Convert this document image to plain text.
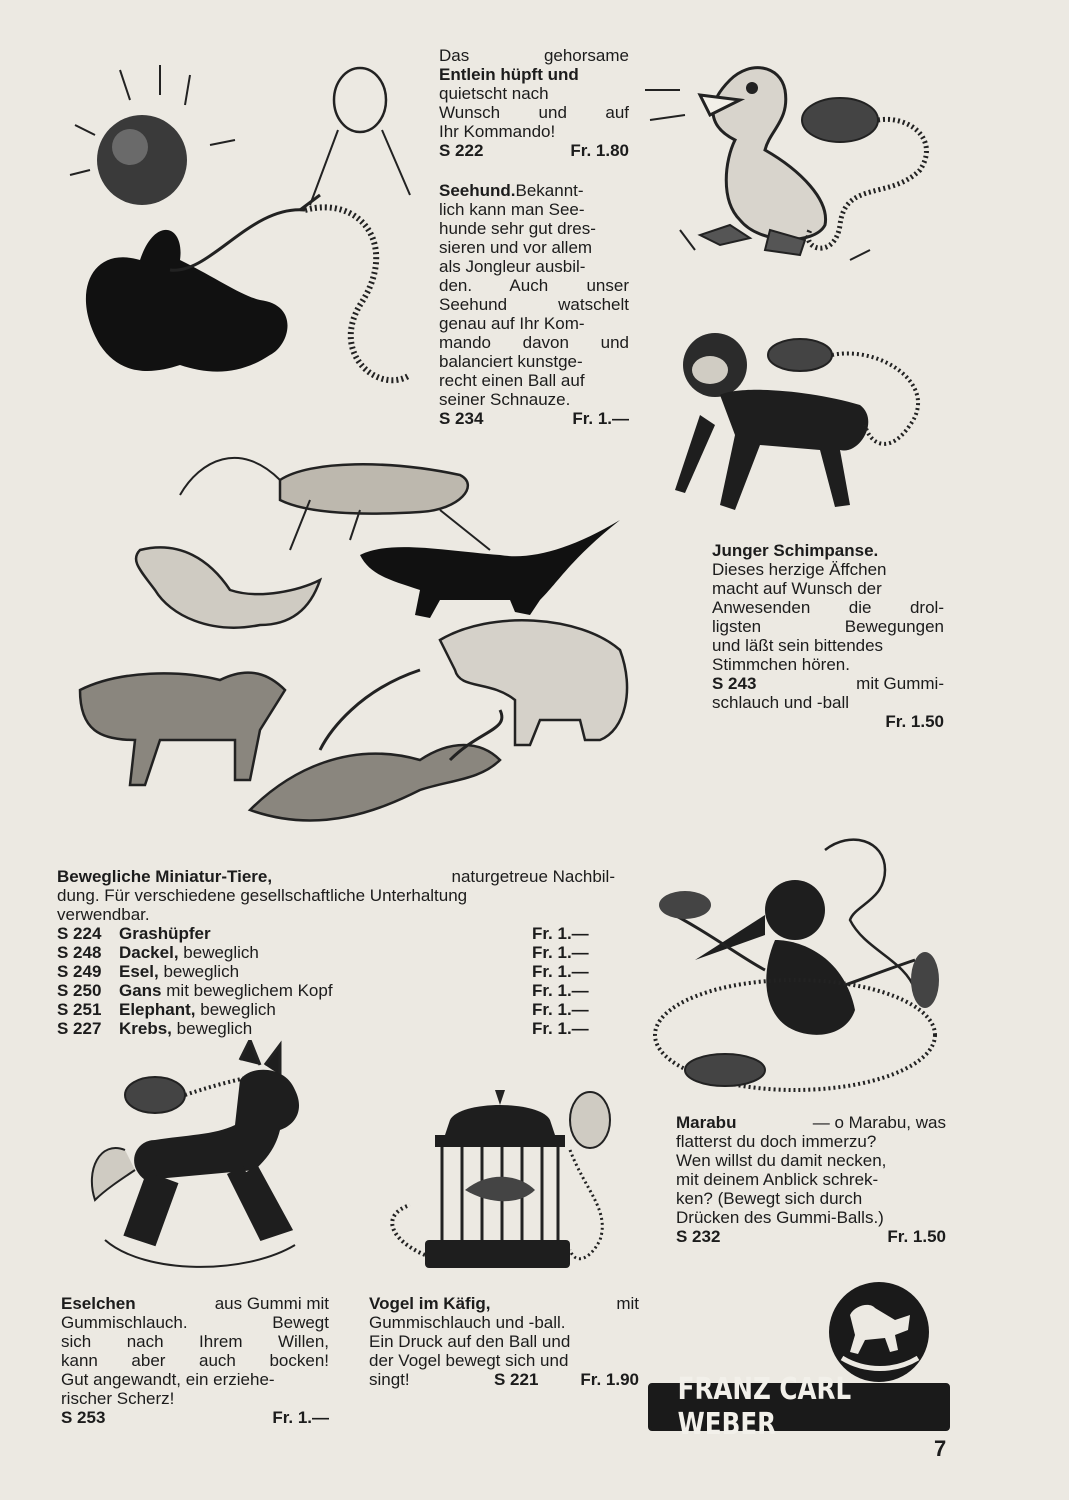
Das gehorsame

Entlein hüpft und

quietscht nach

Wunsch und auf

Ihr Kommando!

S 222	Fr. 1.80

Seehund.Bekannt-

lich kann man See-

hunde sehr gut dres-

sieren und vor allem

als Jongleur ausbil-

den. Auch unser

Seehund watschelt

genau auf Ihr Kom-

mando davon und

balanciert kunstge-

recht einen Ball auf

seiner Schnauze.

S 234	Fr. 1.—

Junger Schimpanse.

Dieses herzige Äffchen

macht auf Wunsch der

Anwesenden die drol-

ligsten Bewegungen

und läßt sein bittendes

Stimmchen hören.

S 243	mit Gummi-

schlauch und -ball

Fr. 1.50

Bewegliche Miniatur-Tiere,	naturgetreue Nachbil-

dung. Für verschiedene gesellschaftliche Unterhaltung

verwendbar.

S 224	Grashüpfer	Fr. 1.—
S 248	Dackel, beweglich	Fr. 1.—
S 249	Esel, beweglich	Fr. 1.—
S 250	Gans mit beweglichem Kopf	Fr. 1.—
S 251	Elephant, beweglich	Fr. 1.—
S 227	Krebs, beweglich	Fr. 1.—

Marabu	— o Marabu, was

flatterst du doch immerzu?

Wen willst du damit necken,

mit deinem Anblick schrek-

ken? (Bewegt sich durch

Drücken des Gummi-Balls.)

S 232	Fr. 1.50

Eselchen	aus Gummi mit

Gummischlauch. Bewegt

sich nach Ihrem Willen,

kann aber auch bocken!

Gut angewandt, ein erziehe-

rischer Scherz!

S 253	Fr. 1.—

Vogel im Käfig,	mit

Gummischlauch und -ball.

Ein Druck auf den Ball und

der Vogel bewegt sich und

singt!	S 221	Fr. 1.90 FRANZ CARL WEBER
7
